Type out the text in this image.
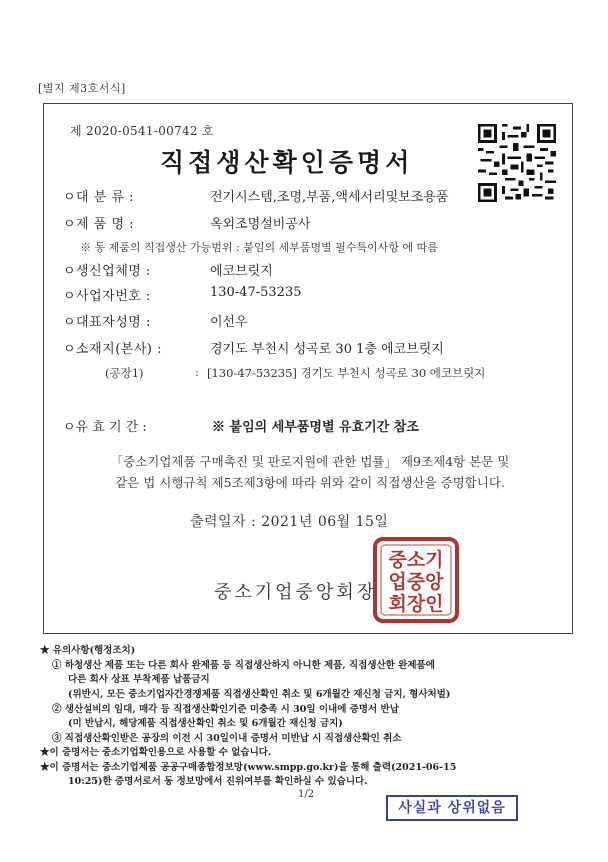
[별지 제3호서식]
제 2020-0541-00742 호
직접생산확인증명서
ㅇ대 분 류 :	전기시스템,조명,부품,액세서리및보조용품
ㅇ제 품 명 :	옥외조명설비공사
※ 동 제품의 직접생산 가능범위 : 붙임의 세부품명별 필수특이사항 에 따름
ㅇ생신업체명 :	에코브릿지
ㅇ사업자번호 :	130-47-53235
ㅇ대표자성명 :	이선우
ㅇ소재지(본사) :	경기도 부천시 성곡로 30 1층 에코브릿지
(공장1)	: [130-47-53235] 경기도 부천시 성곡로 30 에코브릿지
ㅇ유 효 기 간 :	※ 붙임의 세부품명별 유효기간 참조
「중소기업제품 구매촉진 및 판로지원에 관한 법률」 제9조제4항 본문 및
같은 법 시행규칙 제5조제3항에 따라 위와 같이 직접생산을 증명합니다.
출력일자 : 2021년 06월 15일
중소기업중앙회장
중소기
업중앙
회장인
★ 유의사항(행정조치)
① 하청생산 제품 또는 다른 회사 완제품 등 직접생산하지 아니한 제품, 직접생산한 완제품에
다른 회사 상표 부착제품 납품금지
(위반시, 모든 중소기업자간경쟁제품 직접생산확인 취소 및 6개월간 재신청 금지, 형사처벌)
② 생산설비의 임대, 매각 등 직접생산확인기준 미충족 시 30일 이내에 증명서 반납
(미 반납시, 해당제품 직접생산확인 취소 및 6개월간 재신청 금지)
③ 직접생산확인받은 공장의 이전 시 30일이내 증명서 미반납 시 직접생산확인 취소
★이 증명서는 중소기업확인용으로 사용할 수 없습니다.
★이 증명서는 중소기업제품 공공구매종합정보망(www.smpp.go.kr)을 통해 출력(2021-06-15
10:25)한 증명서로서 동 정보망에서 진위여부를 확인하실 수 있습니다.
1/2
사실과 상위없음
